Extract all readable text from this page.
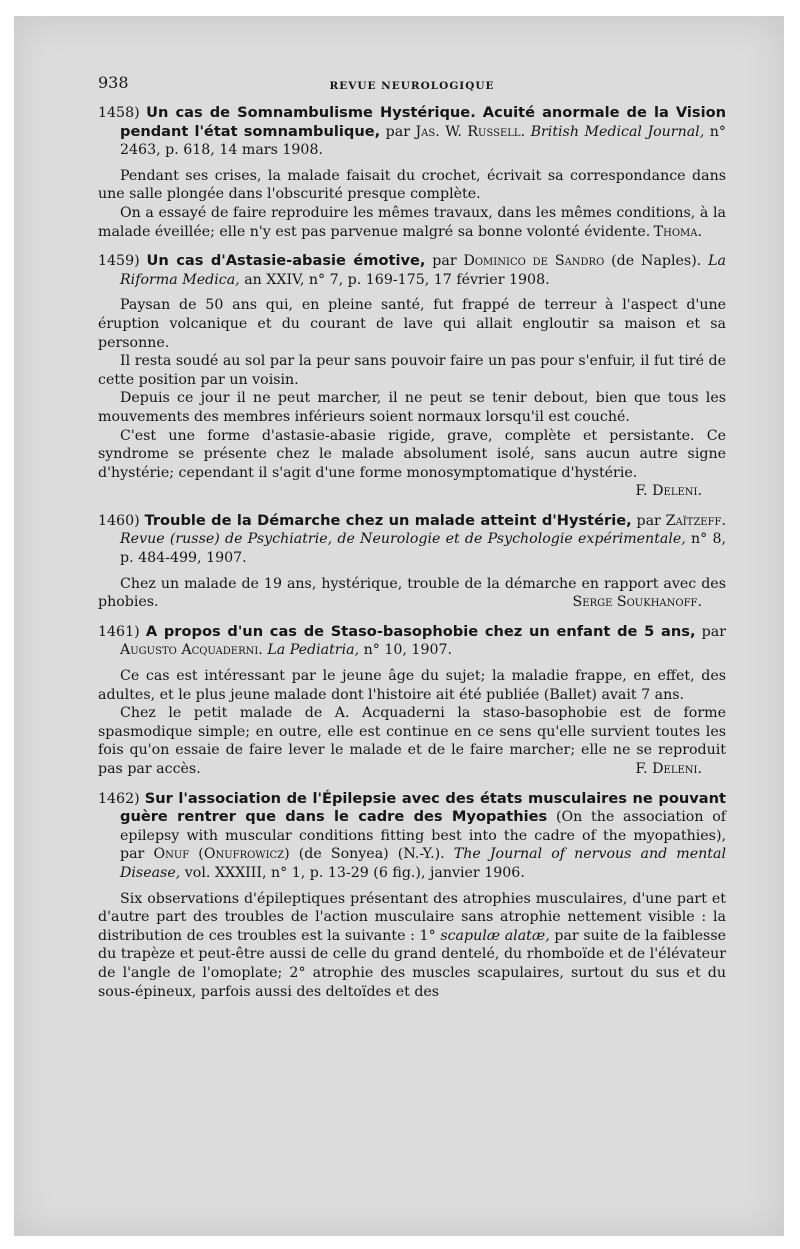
938	REVUE NEUROLOGIQUE

1458) Un cas de Somnambulisme Hystérique. Acuité anormale de la Vision pendant l'état somnambulique, par Jas. W. Russell. British Medical Journal, n° 2463, p. 618, 14 mars 1908.

Pendant ses crises, la malade faisait du crochet, écrivait sa correspondance dans une salle plongée dans l'obscurité presque complète.

On a essayé de faire reproduire les mêmes travaux, dans les mêmes conditions, à la malade éveillée; elle n'y est pas parvenue malgré sa bonne volonté évidente. Thoma.

1459) Un cas d'Astasie-abasie émotive, par Dominico de Sandro (de Naples). La Riforma Medica, an XXIV, n° 7, p. 169-175, 17 février 1908.

Paysan de 50 ans qui, en pleine santé, fut frappé de terreur à l'aspect d'une éruption volcanique et du courant de lave qui allait engloutir sa maison et sa personne.

Il resta soudé au sol par la peur sans pouvoir faire un pas pour s'enfuir, il fut tiré de cette position par un voisin.

Depuis ce jour il ne peut marcher, il ne peut se tenir debout, bien que tous les mouvements des membres inférieurs soient normaux lorsqu'il est couché.

C'est une forme d'astasie-abasie rigide, grave, complète et persistante. Ce syndrome se présente chez le malade absolument isolé, sans aucun autre signe d'hystérie; cependant il s'agit d'une forme monosymptomatique d'hystérie.

F. Deleni.

1460) Trouble de la Démarche chez un malade atteint d'Hystérie, par Zaïtzeff. Revue (russe) de Psychiatrie, de Neurologie et de Psychologie expérimentale, n° 8, p. 484-499, 1907.

Chez un malade de 19 ans, hystérique, trouble de la démarche en rapport avec des phobies.	Serge Soukhanoff.

1461) A propos d'un cas de Staso-basophobie chez un enfant de 5 ans, par Augusto Acquaderni. La Pediatria, n° 10, 1907.

Ce cas est intéressant par le jeune âge du sujet; la maladie frappe, en effet, des adultes, et le plus jeune malade dont l'histoire ait été publiée (Ballet) avait 7 ans.

Chez le petit malade de A. Acquaderni la staso-basophobie est de forme spasmodique simple; en outre, elle est continue en ce sens qu'elle survient toutes les fois qu'on essaie de faire lever le malade et de le faire marcher; elle ne se reproduit pas par accès.	F. Deleni.

1462) Sur l'association de l'Épilepsie avec des états musculaires ne pouvant guère rentrer que dans le cadre des Myopathies (On the association of epilepsy with muscular conditions fitting best into the cadre of the myopathies), par Onuf (Onufrowicz) (de Sonyea) (N.-Y.). The Journal of nervous and mental Disease, vol. XXXIII, n° 1, p. 13-29 (6 fig.), janvier 1906.

Six observations d'épileptiques présentant des atrophies musculaires, d'une part et d'autre part des troubles de l'action musculaire sans atrophie nettement visible : la distribution de ces troubles est la suivante : 1° scapulæ alatæ, par suite de la faiblesse du trapèze et peut-être aussi de celle du grand dentelé, du rhomboïde et de l'élévateur de l'angle de l'omoplate; 2° atrophie des muscles scapulaires, surtout du sus et du sous-épineux, parfois aussi des deltoïdes et des
